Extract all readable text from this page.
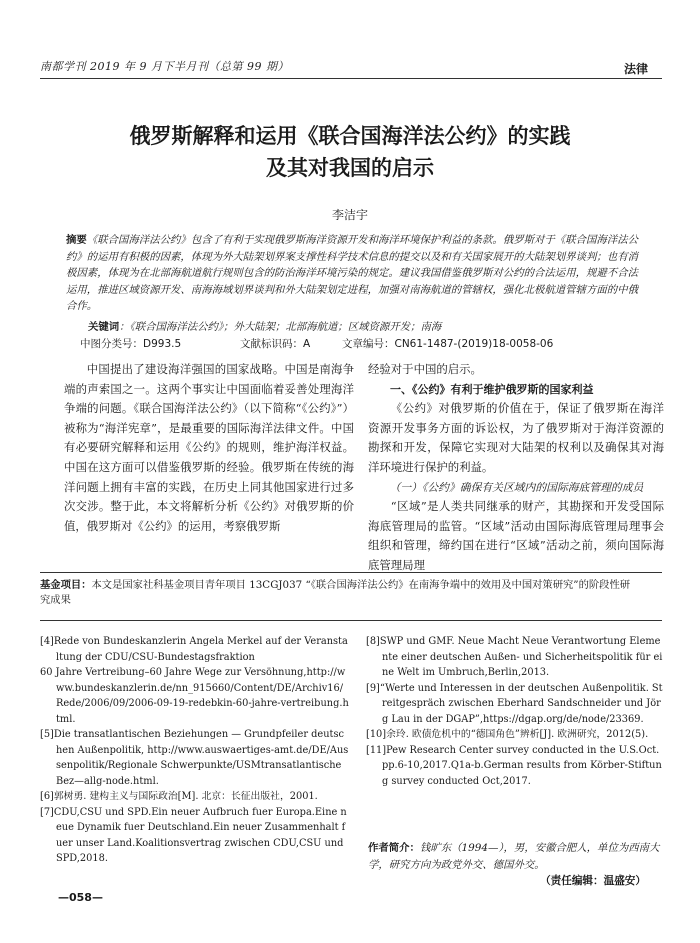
南都学刊 2019 年 9 月下半月刊（总第 99 期）	法律
俄罗斯解释和运用《联合国海洋法公约》的实践
及其对我国的启示
李洁宇
摘要《联合国海洋法公约》包含了有利于实现俄罗斯海洋资源开发和海洋环境保护利益的条款。俄罗斯对于《联合国海洋法公约》的运用有积极的因素，体现为外大陆架划界案支撑性科学技术信息的提交以及和有关国家展开的大陆架划界谈判；也有消极因素，体现为在北部海航道航行规则包含的防治海洋环境污染的规定。建议我国借鉴俄罗斯对公约的合法运用，规避不合法运用，推进区域资源开发、南海海域划界谈判和外大陆架划定进程，加强对南海航道的管辖权，强化北极航道管辖方面的中俄合作。
关键词：《联合国海洋法公约》；外大陆架；北部海航道；区域资源开发；南海
中图分类号：D993.5	文献标识码：A	文章编号：CN61-1487-(2019)18-0058-06

中国提出了建设海洋强国的国家战略。中国是南海争端的声索国之一。这两个事实让中国面临着妥善处理海洋争端的问题。《联合国海洋法公约》（以下简称“《公约》”）被称为“海洋宪章”，是最重要的国际海洋法律文件。中国有必要研究解释和运用《公约》的规则，维护海洋权益。中国在这方面可以借鉴俄罗斯的经验。俄罗斯在传统的海洋问题上拥有丰富的实践，在历史上同其他国家进行过多次交涉。整于此，本文将解析分析《公约》对俄罗斯的价值，俄罗斯对《公约》的运用，考察俄罗斯

经验对于中国的启示。

一、《公约》有利于维护俄罗斯的国家利益

《公约》对俄罗斯的价值在于，保证了俄罗斯在海洋资源开发事务方面的诉讼权，为了俄罗斯对于海洋资源的勘探和开发，保障它实现对大陆架的权利以及确保其对海洋环境进行保护的利益。

（一）《公约》确保有关区域内的国际海底管理的成员

“区域”是人类共同继承的财产，其勘探和开发受国际海底管理局的监管。“区域”活动由国际海底管理局理事会组织和管理，缔约国在进行“区域”活动之前，须向国际海底管理局理

基金项目：本文是国家社科基金项目青年项目 13CGJ037 “《联合国海洋法公约》在南海争端中的效用及中国对策研究”的阶段性研究成果

[4]Rede von Bundeskanzlerin Angela Merkel auf der Veranstaltung der CDU/CSU-Bundestagsfraktion

60 Jahre Vertreibung–60 Jahre Wege zur Versöhnung,http://www.bundeskanzlerin.de/nn_915660/Content/DE/Archiv16/Rede/2006/09/2006-09-19-redebkin-60-jahre-vertreibung.html.

[5]Die transatlantischen Beziehungen — Grundpfeiler deutschen Außenpolitik, http://www.auswaertiges-amt.de/DE/Aussenpolitik/Regionale Schwerpunkte/USMtransatlantische Bez—allg-node.html.

[6]郭树勇. 建构主义与国际政治[M]. 北京：长征出版社，2001.

[7]CDU,CSU und SPD.Ein neuer Aufbruch fuer Europa.Eine neue Dynamik fuer Deutschland.Ein neuer Zusammenhalt fuer unser Land.Koalitionsvertrag zwischen CDU,CSU und SPD,2018.

[8]SWP und GMF. Neue Macht Neue Verantwortung Elemente einer deutschen Außen- und Sicherheitspolitik für eine Welt im Umbruch,Berlin,2013.

[9]“Werte und Interessen in der deutschen Außenpolitik. Streitgespräch zwischen Eberhard Sandschneider und Jörg Lau in der DGAP”,https://dgap.org/de/node/23369.

[10]余玲. 欧债危机中的“德国角色”辨析[J]. 欧洲研究，2012(5).

[11]Pew Research Center survey conducted in the U.S.Oct.pp.6-10,2017.Q1a-b.German results from Körber-Stiftung survey conducted Oct,2017.

作者简介：钱旷东（1994—），男，安徽合肥人，单位为西南大学，研究方向为政党外交、德国外交。

（责任编辑：温盛安）
—058—
